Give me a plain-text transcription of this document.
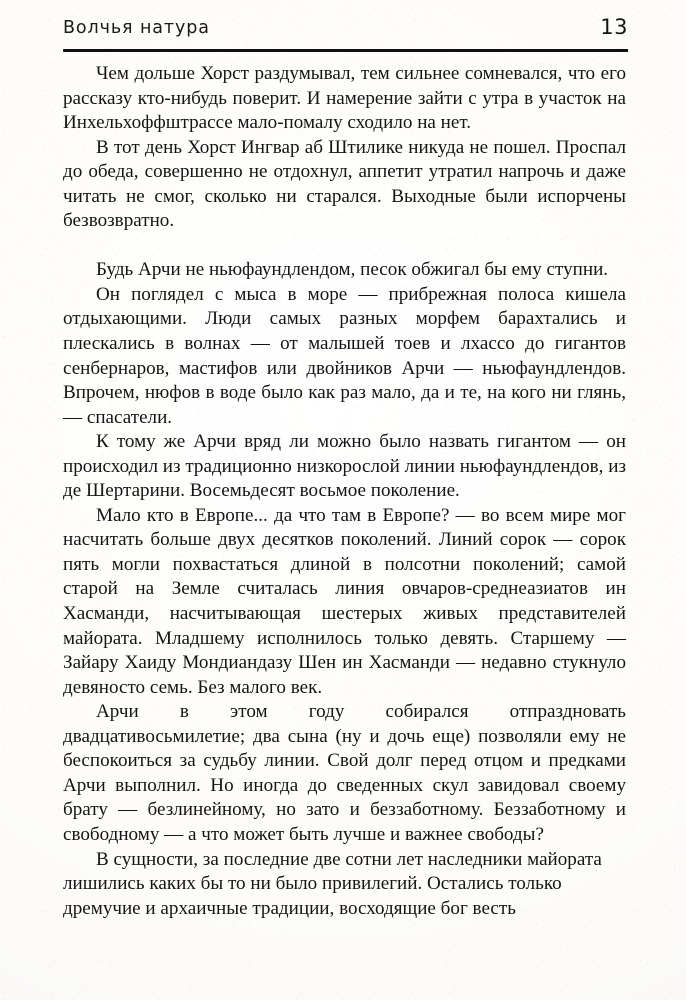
Волчья натура	13

Чем дольше Хорст раздумывал, тем сильнее сомневался, что его рассказу кто-нибудь поверит. И намерение зайти с утра в участок на Инхельхоффштрассе мало-помалу сходило на нет.

В тот день Хорст Ингвар аб Штилике никуда не пошел. Проспал до обеда, совершенно не отдохнул, аппетит утратил напрочь и даже читать не смог, сколько ни старался. Выходные были испорчены безвозвратно.

Будь Арчи не ньюфаундлендом, песок обжигал бы ему ступни.

Он поглядел с мыса в море — прибрежная полоса кишела отдыхающими. Люди самых разных морфем барахтались и плескались в волнах — от малышей тоев и лхассо до гигантов сенбернаров, мастифов или двойников Арчи — ньюфаундлендов. Впрочем, нюфов в воде было как раз мало, да и те, на кого ни глянь, — спасатели.

К тому же Арчи вряд ли можно было назвать гигантом — он происходил из традиционно низкорослой линии ньюфаундлендов, из де Шертарини. Восемьдесят восьмое поколение.

Мало кто в Европе... да что там в Европе? — во всем мире мог насчитать больше двух десятков поколений. Линий сорок — сорок пять могли похвастаться длиной в полсотни поколений; самой старой на Земле считалась линия овчаров-среднеазиатов ин Хасманди, насчитывающая шестерых живых представителей майората. Младшему исполнилось только девять. Старшему — Зайару Хаиду Мондиандазу Шен ин Хасманди — недавно стукнуло девяносто семь. Без малого век.

Арчи в этом году собирался отпраздновать двадцативосьмилетие; два сына (ну и дочь еще) позволяли ему не беспокоиться за судьбу линии. Свой долг перед отцом и предками Арчи выполнил. Но иногда до сведенных скул завидовал своему брату — безлинейному, но зато и беззаботному. Беззаботному и свободному — а что может быть лучше и важнее свободы?

В сущности, за последние две сотни лет наследники майората лишились каких бы то ни было привилегий. Остались только дремучие и архаичные традиции, восходящие бог весть
